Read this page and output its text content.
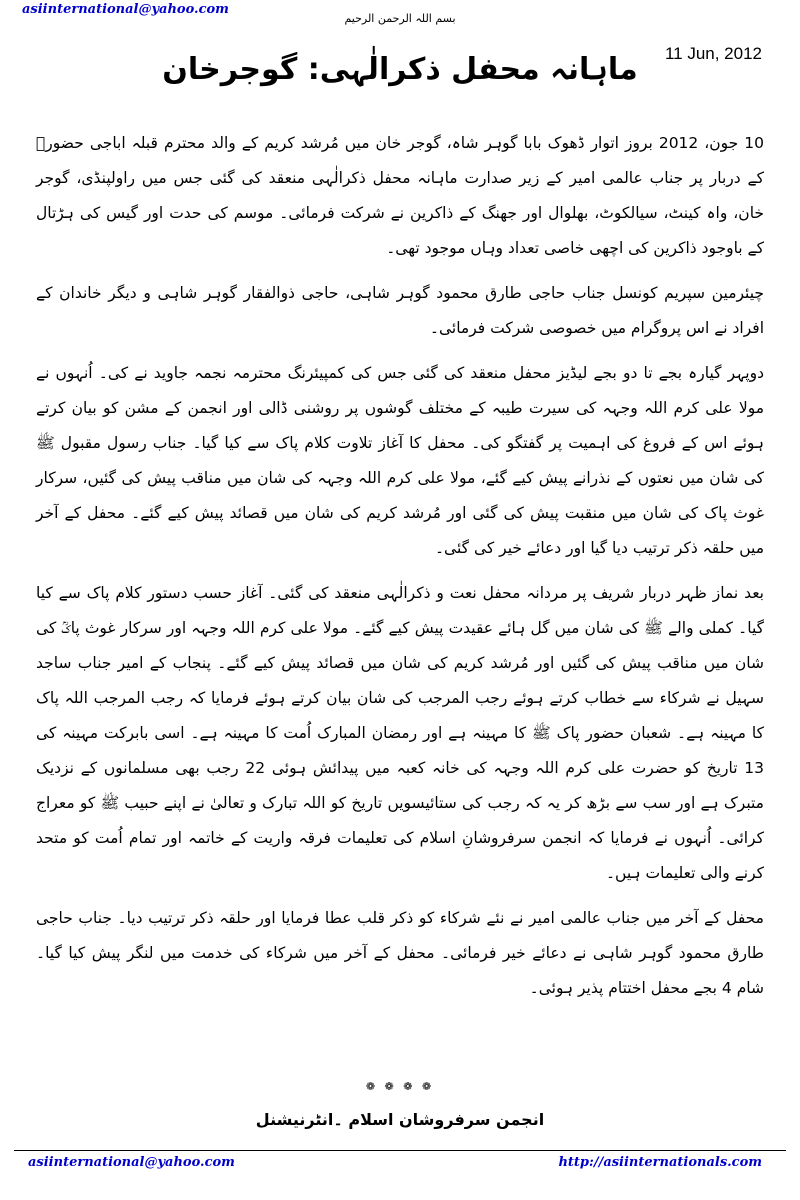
asiinternational@yahoo.com
بسم اللہ الرحمن الرحیم
11 Jun, 2012
ماہانہ محفل ذکرالٰہی: گوجرخان

10 جون، 2012 بروز اتوار ڈھوک بابا گوہر شاہ، گوجر خان میں مُرشد کریم کے والد محترم قبلہ اباجی حضورؒ کے دربار پر جناب عالمی امیر کے زیر صدارت ماہانہ محفل ذکرالٰہی منعقد کی گئی جس میں راولپنڈی، گوجر خان، واہ کینٹ، سیالکوٹ، بھلوال اور جھنگ کے ذاکرین نے شرکت فرمائی۔ موسم کی حدت اور گیس کی ہڑتال کے باوجود ذاکرین کی اچھی خاصی تعداد وہاں موجود تھی۔

چیئرمین سپریم کونسل جناب حاجی طارق محمود گوہر شاہی، حاجی ذوالفقار گوہر شاہی و دیگر خاندان کے افراد نے اس پروگرام میں خصوصی شرکت فرمائی۔

دوپہر گیارہ بجے تا دو بجے لیڈیز محفل منعقد کی گئی جس کی کمپیئرنگ محترمہ نجمہ جاوید نے کی۔ اُنہوں نے مولا علی کرم اللہ وجہہ کی سیرت طیبہ کے مختلف گوشوں پر روشنی ڈالی اور انجمن کے مشن کو بیان کرتے ہوئے اس کے فروغ کی اہمیت پر گفتگو کی۔ محفل کا آغاز تلاوت کلام پاک سے کیا گیا۔ جناب رسول مقبول ﷺ کی شان میں نعتوں کے نذرانے پیش کیے گئے، مولا علی کرم اللہ وجہہ کی شان میں مناقب پیش کی گئیں، سرکار غوث پاک کی شان میں منقبت پیش کی گئی اور مُرشد کریم کی شان میں قصائد پیش کیے گئے۔ محفل کے آخر میں حلقہ ذکر ترتیب دیا گیا اور دعائے خیر کی گئی۔

بعد نماز ظہر دربار شریف پر مردانہ محفل نعت و ذکرالٰہی منعقد کی گئی۔ آغاز حسب دستور کلام پاک سے کیا گیا۔ کملی والے ﷺ کی شان میں گل ہائے عقیدت پیش کیے گئے۔ مولا علی کرم اللہ وجہہ اور سرکار غوث پاکؒ کی شان میں مناقب پیش کی گئیں اور مُرشد کریم کی شان میں قصائد پیش کیے گئے۔ پنجاب کے امیر جناب ساجد سہیل نے شرکاء سے خطاب کرتے ہوئے رجب المرجب کی شان بیان کرتے ہوئے فرمایا کہ رجب المرجب اللہ پاک کا مہینہ ہے۔ شعبان حضور پاک ﷺ کا مہینہ ہے اور رمضان المبارک اُمت کا مہینہ ہے۔ اسی بابرکت مہینہ کی 13 تاریخ کو حضرت علی کرم اللہ وجہہ کی خانہ کعبہ میں پیدائش ہوئی 22 رجب بھی مسلمانوں کے نزدیک متبرک ہے اور سب سے بڑھ کر یہ کہ رجب کی ستائیسویں تاریخ کو اللہ تبارک و تعالیٰ نے اپنے حبیب ﷺ کو معراج کرائی۔ اُنہوں نے فرمایا کہ انجمن سرفروشانِ اسلام کی تعلیمات فرقہ واریت کے خاتمہ اور تمام اُمت کو متحد کرنے والی تعلیمات ہیں۔

محفل کے آخر میں جناب عالمی امیر نے نئے شرکاء کو ذکر قلب عطا فرمایا اور حلقہ ذکر ترتیب دیا۔ جناب حاجی طارق محمود گوہر شاہی نے دعائے خیر فرمائی۔ محفل کے آخر میں شرکاء کی خدمت میں لنگر پیش کیا گیا۔ شام 4 بجے محفل اختتام پذیر ہوئی۔

❁ ❁ ❁ ❁
انجمن سرفروشان اسلام ۔انٹرنیشنل
asiinternational@yahoo.com	http://asiinternationals.com
